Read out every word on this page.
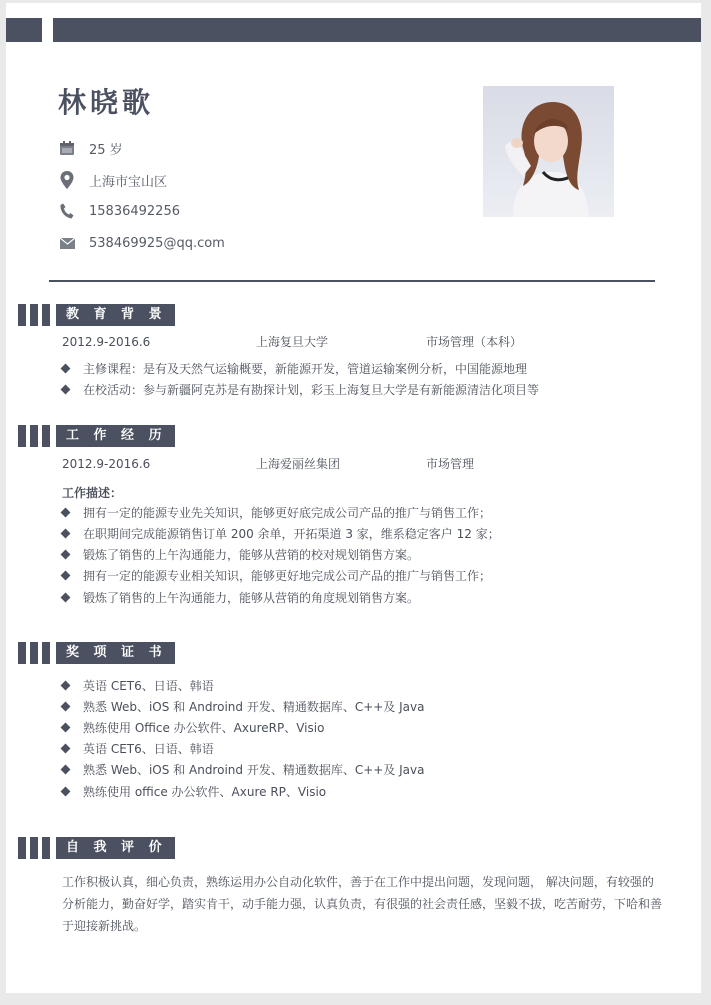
林晓歌
25 岁
上海市宝山区
15836492256
538469925@qq.com
教 育 背 景
2012.9-2016.6	上海复旦大学	市场管理（本科）
主修课程：是有及天然气运输概要，新能源开发，管道运输案例分析，中国能源地理
在校活动：参与新疆阿克苏是有勘探计划，彩玉上海复旦大学是有新能源清洁化项目等
工 作 经 历
2012.9-2016.6	上海爱丽丝集团	市场管理
工作描述：
拥有一定的能源专业先关知识，能够更好底完成公司产品的推广与销售工作；
在职期间完成能源销售订单 200 余单，开拓渠道 3 家，维系稳定客户 12 家；
锻炼了销售的上午沟通能力，能够从营销的校对规划销售方案。
拥有一定的能源专业相关知识，能够更好地完成公司产品的推广与销售工作；
锻炼了销售的上午沟通能力，能够从营销的角度规划销售方案。
奖 项 证 书
英语 CET6、日语、韩语
熟悉 Web、iOS 和 Androind 开发、精通数据库、C++及 Java
熟练使用 Office 办公软件、AxureRP、Visio
英语 CET6、日语、韩语
熟悉 Web、iOS 和 Androind 开发、精通数据库、C++及 Java
熟练使用 office 办公软件、Axure RP、Visio
自 我 评 价
工作积极认真，细心负责，熟练运用办公自动化软件，善于在工作中提出问题，发现问题， 解决问题，有较强的分析能力，勤奋好学，踏实肯干，动手能力强，认真负责，有很强的社会责任感，坚毅不拔，吃苦耐劳，下哈和善于迎接新挑战。
